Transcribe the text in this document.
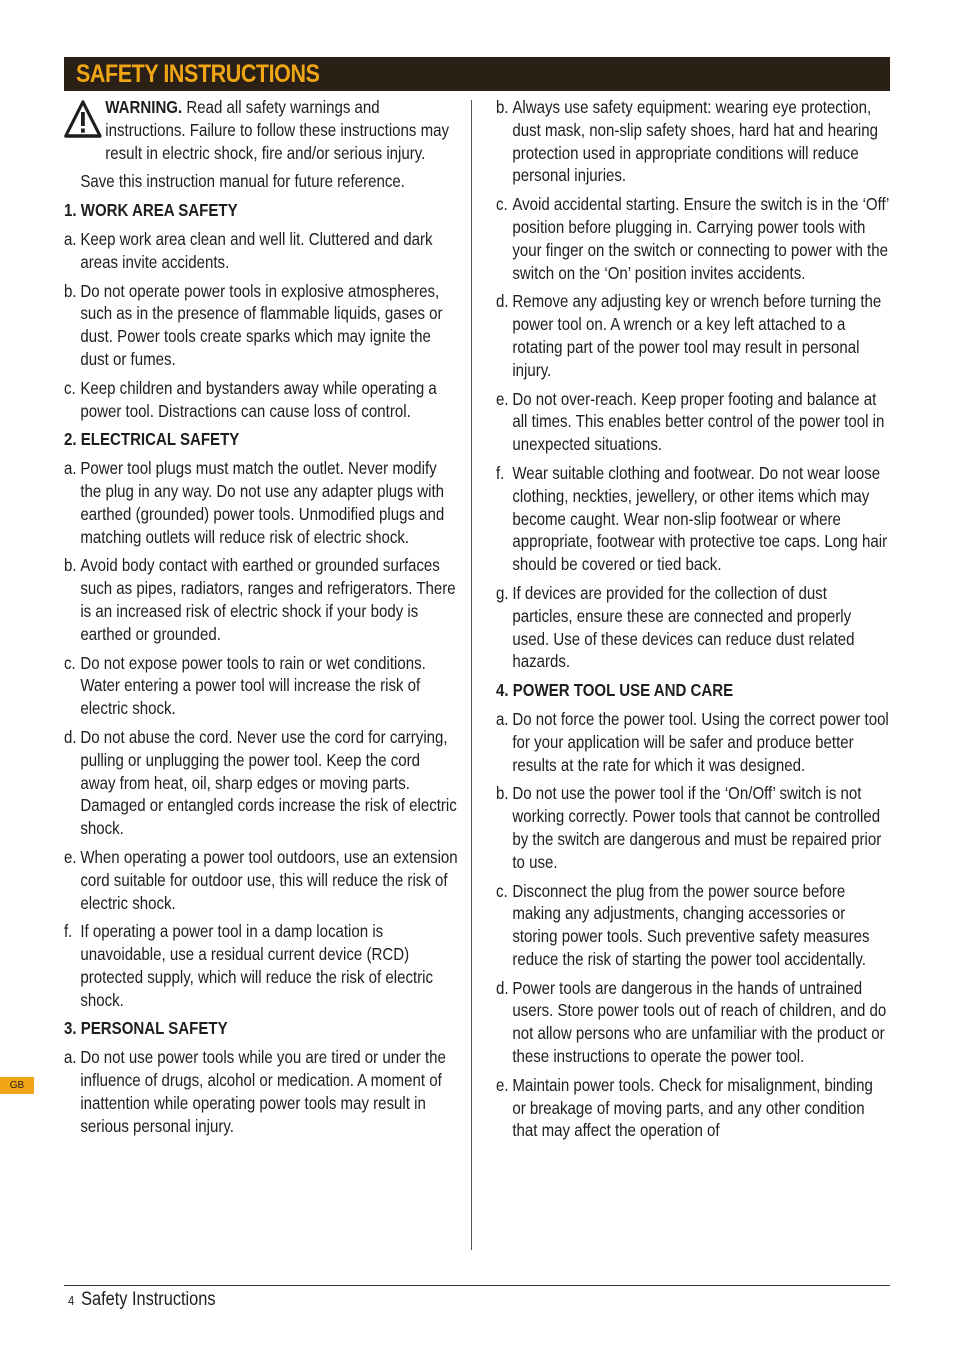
SAFETY INSTRUCTIONS
WARNING. Read all safety warnings and instructions. Failure to follow these instructions may result in electric shock, fire and/or serious injury.
Save this instruction manual for future reference.
1. WORK AREA SAFETY
a. Keep work area clean and well lit. Cluttered and dark areas invite accidents.
b. Do not operate power tools in explosive atmospheres, such as in the presence of flammable liquids, gases or dust. Power tools create sparks which may ignite the dust or fumes.
c. Keep children and bystanders away while operating a power tool. Distractions can cause loss of control.
2. ELECTRICAL SAFETY
a. Power tool plugs must match the outlet. Never modify the plug in any way. Do not use any adapter plugs with earthed (grounded) power tools. Unmodified plugs and matching outlets will reduce risk of electric shock.
b. Avoid body contact with earthed or grounded surfaces such as pipes, radiators, ranges and refrigerators. There is an increased risk of electric shock if your body is earthed or grounded.
c. Do not expose power tools to rain or wet conditions. Water entering a power tool will increase the risk of electric shock.
d. Do not abuse the cord. Never use the cord for carrying, pulling or unplugging the power tool. Keep the cord away from heat, oil, sharp edges or moving parts. Damaged or entangled cords increase the risk of electric shock.
e. When operating a power tool outdoors, use an extension cord suitable for outdoor use, this will reduce the risk of electric shock.
f. If operating a power tool in a damp location is unavoidable, use a residual current device (RCD) protected supply, which will reduce the risk of electric shock.
3. PERSONAL SAFETY
a. Do not use power tools while you are tired or under the influence of drugs, alcohol or medication. A moment of inattention while operating power tools may result in serious personal injury.
b. Always use safety equipment: wearing eye protection, dust mask, non-slip safety shoes, hard hat and hearing protection used in appropriate conditions will reduce personal injuries.
c. Avoid accidental starting. Ensure the switch is in the ‘Off’ position before plugging in. Carrying power tools with your finger on the switch or connecting to power with the switch on the ‘On’ position invites accidents.
d. Remove any adjusting key or wrench before turning the power tool on. A wrench or a key left attached to a rotating part of the power tool may result in personal injury.
e. Do not over-reach. Keep proper footing and balance at all times. This enables better control of the power tool in unexpected situations.
f. Wear suitable clothing and footwear. Do not wear loose clothing, neckties, jewellery, or other items which may become caught. Wear non-slip footwear or where appropriate, footwear with protective toe caps. Long hair should be covered or tied back.
g. If devices are provided for the collection of dust particles, ensure these are connected and properly used. Use of these devices can reduce dust related hazards.
4. POWER TOOL USE AND CARE
a. Do not force the power tool. Using the correct power tool for your application will be safer and produce better results at the rate for which it was designed.
b. Do not use the power tool if the ‘On/Off’ switch is not working correctly. Power tools that cannot be controlled by the switch are dangerous and must be repaired prior to use.
c. Disconnect the plug from the power source before making any adjustments, changing accessories or storing power tools. Such preventive safety measures reduce the risk of starting the power tool accidentally.
d. Power tools are dangerous in the hands of untrained users. Store power tools out of reach of children, and do not allow persons who are unfamiliar with the product or these instructions to operate the power tool.
e. Maintain power tools. Check for misalignment, binding or breakage of moving parts, and any other condition that may affect the operation of
GB
4 Safety Instructions
